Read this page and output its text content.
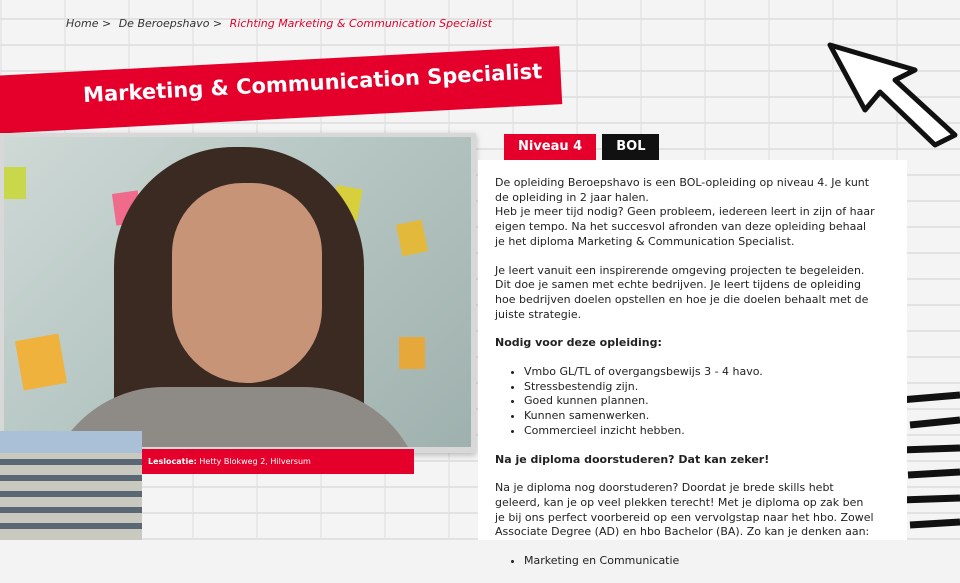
Home > De Beroepshavo > Richting Marketing & Communication Specialist
Marketing & Communication Specialist
Leslocatie: Hetty Blokweg 2, Hilversum
Niveau 4	BOL

De opleiding Beroepshavo is een BOL-opleiding op niveau 4. Je kunt de opleiding in 2 jaar halen.
Heb je meer tijd nodig? Geen probleem, iedereen leert in zijn of haar eigen tempo. Na het succesvol afronden van deze opleiding behaal je het diploma Marketing & Communication Specialist.

Je leert vanuit een inspirerende omgeving projecten te begeleiden. Dit doe je samen met echte bedrijven. Je leert tijdens de opleiding hoe bedrijven doelen opstellen en hoe je die doelen behaalt met de juiste strategie.

Nodig voor deze opleiding:
• Vmbo GL/TL of overgangsbewijs 3 - 4 havo.
• Stressbestendig zijn.
• Goed kunnen plannen.
• Kunnen samenwerken.
• Commercieel inzicht hebben.
Na je diploma doorstuderen? Dat kan zeker!

Na je diploma nog doorstuderen? Doordat je brede skills hebt geleerd, kan je op veel plekken terecht! Met je diploma op zak ben je bij ons perfect voorbereid op een vervolgstap naar het hbo. Zowel Associate Degree (AD) en hbo Bachelor (BA). Zo kan je denken aan:

• Marketing en Communicatie
